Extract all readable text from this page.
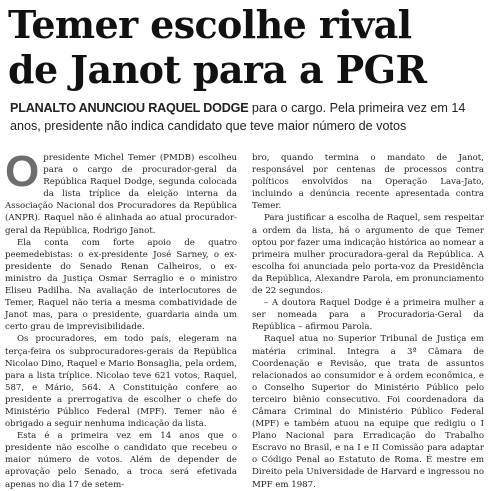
Temer escolhe rival
de Janot para a PGR
PLANALTO ANUNCIOU RAQUEL DODGE para o cargo. Pela primeira vez em 14 anos, presidente não indica candidato que teve maior número de votos

Opresidente Michel Temer (PMDB) escolheu para o cargo de procurador-geral da República Raquel Dodge, segunda colocada da lista tríplice da eleição interna da Associação Nacional dos Procuradores da República (ANPR). Raquel não é alinhada ao atual procurador-geral da República, Rodrigo Janot.

Ela conta com forte apoio de quatro peemedebistas: o ex-presidente José Sarney, o ex-presidente do Senado Renan Calheiros, o ex-ministro da Justiça Osmar Serraglio e o ministro Eliseu Padilha. Na avaliação de interlocutores de Temer, Raquel não teria a mesma combatividade de Janot mas, para o presidente, guardaria ainda um certo grau de imprevisibilidade.

Os procuradores, em todo país, elegeram na terça-feira os subprocuradores-gerais da República Nicolao Dino, Raquel e Mario Bonsaglia, pela ordem, para a lista tríplice. Nicolao teve 621 votos, Raquel, 587, e Mário, 564. A Constituição confere ao presidente a prerrogativa de escolher o chefe do Ministério Público Federal (MPF). Temer não é obrigado a seguir nenhuma indicação da lista.

Esta é a primeira vez em 14 anos que o presidente não escolhe o candidato que recebeu o maior número de votos. Além de depender de aprovação pelo Senado, a troca será efetivada apenas no dia 17 de setem-

bro, quando termina o mandato de Janot, responsável por centenas de processos contra políticos envolvidos na Operação Lava-Jato, incluindo a denúncia recente apresentada contra Temer.

Para justificar a escolha de Raquel, sem respeitar a ordem da lista, há o argumento de que Temer optou por fazer uma indicação histórica ao nomear a primeira mulher procuradora-geral da República. A escolha foi anunciada pelo porta-voz da Presidência da República, Alexandre Parola, em pronunciamento de 22 segundos.

– A doutora Raquel Dodge é a primeira mulher a ser nomeada para a Procuradoria-Geral da República – afirmou Parola.

Raquel atua no Superior Tribunal de Justiça em matéria criminal. Integra a 3ª Câmara de Coordenação e Revisão, que trata de assuntos relacionados ao consumidor e à ordem econômica, e o Conselho Superior do Ministério Público pelo terceiro biênio consecutivo. Foi coordenadora da Câmara Criminal do Ministério Público Federal (MPF) e também atuou na equipe que redigiu o I Plano Nacional para Erradicação do Trabalho Escravo no Brasil, e na I e II Comissão para adaptar o Código Penal ao Estatuto de Roma. É mestre em Direito pela Universidade de Harvard e ingressou no MPF em 1987.
